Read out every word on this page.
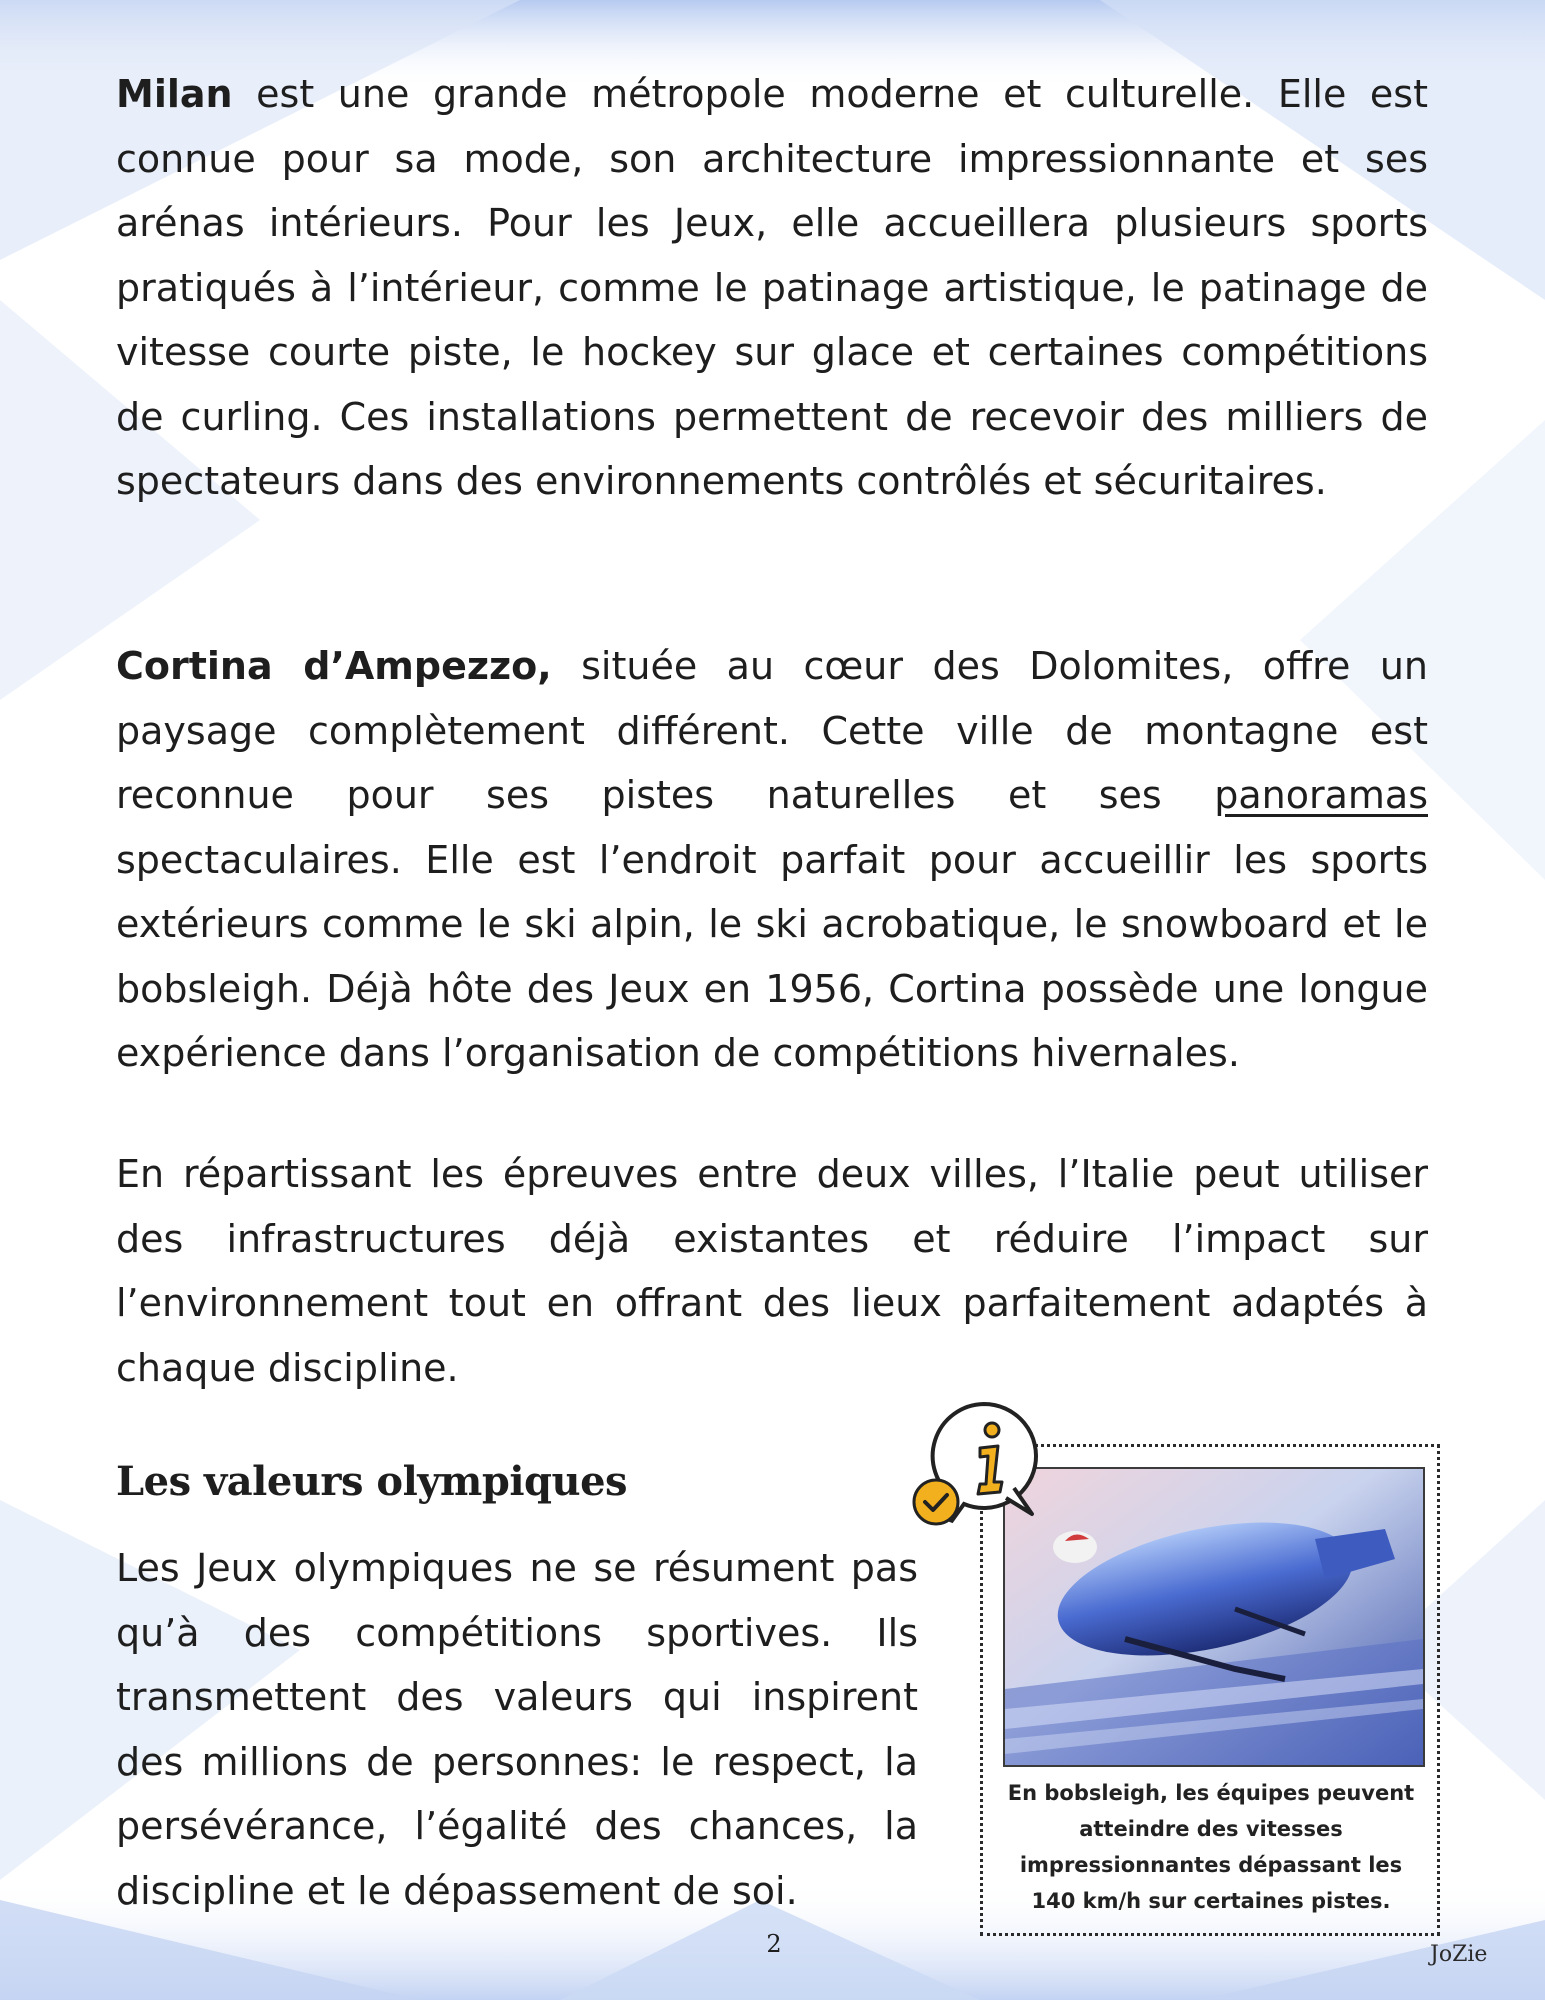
Milan est une grande métropole moderne et culturelle. Elle est connue pour sa mode, son architecture impressionnante et ses arénas intérieurs. Pour les Jeux, elle accueillera plusieurs sports pratiqués à l’intérieur, comme le patinage artistique, le patinage de vitesse courte piste, le hockey sur glace et certaines compétitions de curling. Ces installations permettent de recevoir des milliers de spectateurs dans des environnements contrôlés et sécuritaires.

Cortina d’Ampezzo, située au cœur des Dolomites, offre un paysage complètement différent. Cette ville de montagne est reconnue pour ses pistes naturelles et ses panoramas spectaculaires. Elle est l’endroit parfait pour accueillir les sports extérieurs comme le ski alpin, le ski acrobatique, le snowboard et le bobsleigh. Déjà hôte des Jeux en 1956, Cortina possède une longue expérience dans l’organisation de compétitions hivernales.

En répartissant les épreuves entre deux villes, l’Italie peut utiliser des infrastructures déjà existantes et réduire l’impact sur l’environnement tout en offrant des lieux parfaitement adaptés à chaque discipline.

Les valeurs olympiques

Les Jeux olympiques ne se résument pas qu’à des compétitions sportives. Ils transmettent des valeurs qui inspirent des millions de personnes: le respect, la persévérance, l’égalité des chances, la discipline et le dépassement de soi.

En bobsleigh, les équipes peuvent atteindre des vitesses impressionnantes dépassant les 140 km/h sur certaines pistes.

2	JoZie
